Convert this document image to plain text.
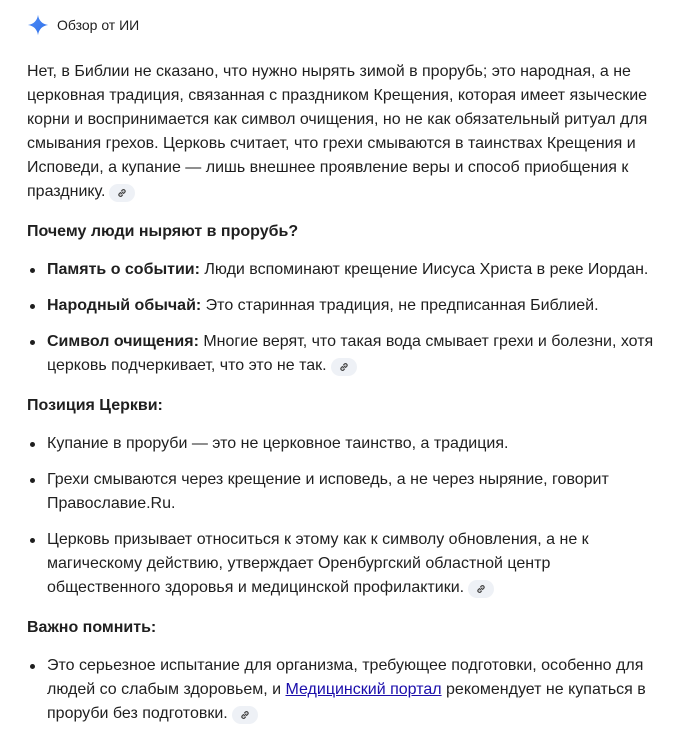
Обзор от ИИ

Нет, в Библии не сказано, что нужно нырять зимой в прорубь; это народная, а не церковная традиция, связанная с праздником Крещения, которая имеет языческие корни и воспринимается как символ очищения, но не как обязательный ритуал для смывания грехов. Церковь считает, что грехи смываются в таинствах Крещения и Исповеди, а купание — лишь внешнее проявление веры и способ приобщения к празднику.

Почему люди ныряют в прорубь?
Память о событии: Люди вспоминают крещение Иисуса Христа в реке Иордан.
Народный обычай: Это старинная традиция, не предписанная Библией.
Символ очищения: Многие верят, что такая вода смывает грехи и болезни, хотя церковь подчеркивает, что это не так.
Позиция Церкви:
Купание в проруби — это не церковное таинство, а традиция.
Грехи смываются через крещение и исповедь, а не через ныряние, говорит Православие.Ru.
Церковь призывает относиться к этому как к символу обновления, а не к магическому действию, утверждает Оренбургский областной центр общественного здоровья и медицинской профилактики.
Важно помнить:
Это серьезное испытание для организма, требующее подготовки, особенно для людей со слабым здоровьем, и Медицинский портал рекомендует не купаться в проруби без подготовки.
